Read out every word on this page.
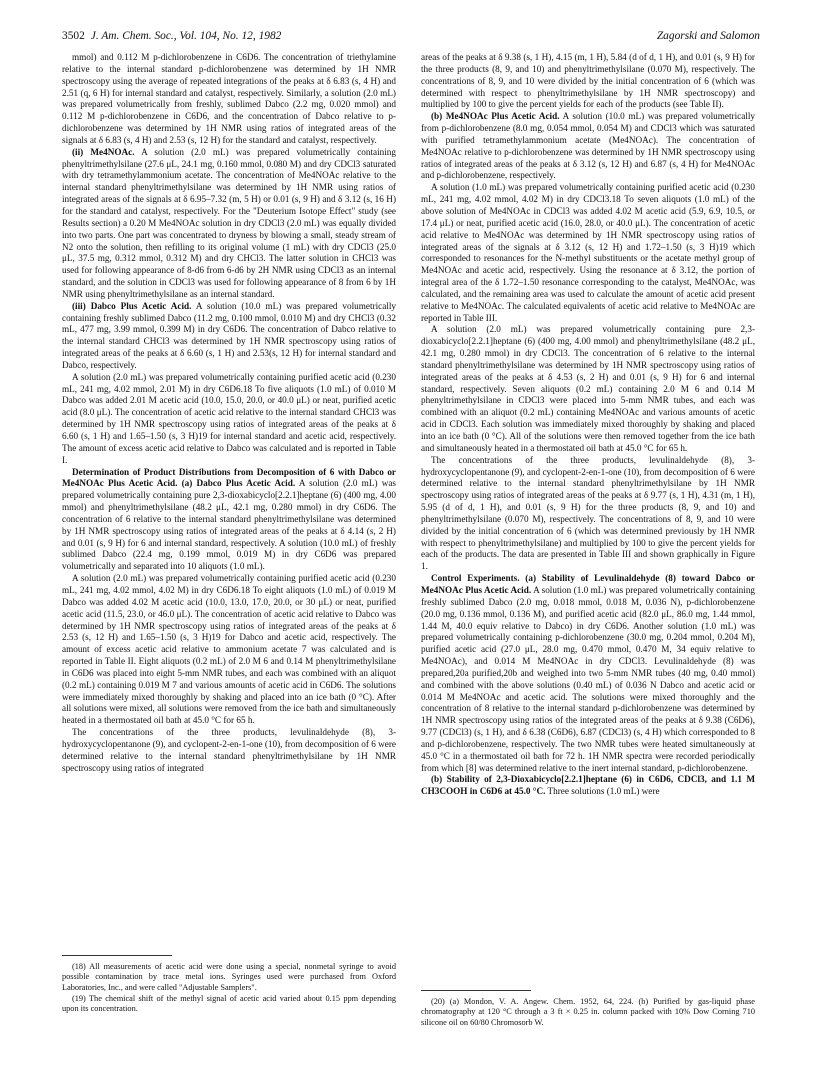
3502 J. Am. Chem. Soc., Vol. 104, No. 12, 1982	Zagorski and Salomon

mmol) and 0.112 M p-dichlorobenzene in C6D6. The concentration of triethylamine relative to the internal standard p-dichlorobenzene was determined by 1H NMR spectroscopy using the average of repeated integrations of the peaks at δ 6.83 (s, 4 H) and 2.51 (q, 6 H) for internal standard and catalyst, respectively. Similarly, a solution (2.0 mL) was prepared volumetrically from freshly, sublimed Dabco (2.2 mg, 0.020 mmol) and 0.112 M p-dichlorobenzene in C6D6, and the concentration of Dabco relative to p-dichlorobenzene was determined by 1H NMR using ratios of integrated areas of the signals at δ 6.83 (s, 4 H) and 2.53 (s, 12 H) for the standard and catalyst, respectively.

(ii) Me4NOAc. A solution (2.0 mL) was prepared volumetrically containing phenyltrimethylsilane (27.6 μL, 24.1 mg, 0.160 mmol, 0.080 M) and dry CDCl3 saturated with dry tetramethylammonium acetate. The concentration of Me4NOAc relative to the internal standard phenyltrimethylsilane was determined by 1H NMR using ratios of integrated areas of the signals at δ 6.95–7.32 (m, 5 H) or 0.01 (s, 9 H) and δ 3.12 (s, 16 H) for the standard and catalyst, respectively. For the "Deuterium Isotope Effect" study (see Results section) a 0.20 M Me4NOAc solution in dry CDCl3 (2.0 mL) was equally divided into two parts. One part was concentrated to dryness by blowing a small, steady stream of N2 onto the solution, then refilling to its original volume (1 mL) with dry CDCl3 (25.0 μL, 37.5 mg, 0.312 mmol, 0.312 M) and dry CHCl3. The latter solution in CHCl3 was used for following appearance of 8-d6 from 6-d6 by 2H NMR using CDCl3 as an internal standard, and the solution in CDCl3 was used for following appearance of 8 from 6 by 1H NMR using phenyltrimethylsilane as an internal standard.

(iii) Dabco Plus Acetic Acid. A solution (10.0 mL) was prepared volumetrically containing freshly sublimed Dabco (11.2 mg, 0.100 mmol, 0.010 M) and dry CHCl3 (0.32 mL, 477 mg, 3.99 mmol, 0.399 M) in dry C6D6. The concentration of Dabco relative to the internal standard CHCl3 was determined by 1H NMR spectroscopy using ratios of integrated areas of the peaks at δ 6.60 (s, 1 H) and 2.53(s, 12 H) for internal standard and Dabco, respectively.

A solution (2.0 mL) was prepared volumetrically containing purified acetic acid (0.230 mL, 241 mg, 4.02 mmol, 2.01 M) in dry C6D6.18 To five aliquots (1.0 mL) of 0.010 M Dabco was added 2.01 M acetic acid (10.0, 15.0, 20.0, or 40.0 μL) or neat, purified acetic acid (8.0 μL). The concentration of acetic acid relative to the internal standard CHCl3 was determined by 1H NMR spectroscopy using ratios of integrated areas of the peaks at δ 6.60 (s, 1 H) and 1.65–1.50 (s, 3 H)19 for internal standard and acetic acid, respectively. The amount of excess acetic acid relative to Dabco was calculated and is reported in Table I.

Determination of Product Distributions from Decomposition of 6 with Dabco or Me4NOAc Plus Acetic Acid. (a) Dabco Plus Acetic Acid. A solution (2.0 mL) was prepared volumetrically containing pure 2,3-dioxabicyclo[2.2.1]heptane (6) (400 mg, 4.00 mmol) and phenyltrimethylsilane (48.2 μL, 42.1 mg, 0.280 mmol) in dry C6D6. The concentration of 6 relative to the internal standard phenyltrimethylsilane was determined by 1H NMR spectroscopy using ratios of integrated areas of the peaks at δ 4.14 (s, 2 H) and 0.01 (s, 9 H) for 6 and internal standard, respectively. A solution (10.0 mL) of freshly sublimed Dabco (22.4 mg, 0.199 mmol, 0.019 M) in dry C6D6 was prepared volumetrically and separated into 10 aliquots (1.0 mL).

A solution (2.0 mL) was prepared volumetrically containing purified acetic acid (0.230 mL, 241 mg, 4.02 mmol, 4.02 M) in dry C6D6.18 To eight aliquots (1.0 mL) of 0.019 M Dabco was added 4.02 M acetic acid (10.0, 13.0, 17.0, 20.0, or 30 μL) or neat, purified acetic acid (11.5, 23.0, or 46.0 μL). The concentration of acetic acid relative to Dabco was determined by 1H NMR spectroscopy using ratios of integrated areas of the peaks at δ 2.53 (s, 12 H) and 1.65–1.50 (s, 3 H)19 for Dabco and acetic acid, respectively. The amount of excess acetic acid relative to ammonium acetate 7 was calculated and is reported in Table II. Eight aliquots (0.2 mL) of 2.0 M 6 and 0.14 M phenyltrimethylsilane in C6D6 was placed into eight 5-mm NMR tubes, and each was combined with an aliquot (0.2 mL) containing 0.019 M 7 and various amounts of acetic acid in C6D6. The solutions were immediately mixed thoroughly by shaking and placed into an ice bath (0 °C). After all solutions were mixed, all solutions were removed from the ice bath and simultaneously heated in a thermostated oil bath at 45.0 °C for 65 h.

The concentrations of the three products, levulinaldehyde (8), 3-hydroxycyclopentanone (9), and cyclopent-2-en-1-one (10), from decomposition of 6 were determined relative to the internal standard phenyltrimethylsilane by 1H NMR spectroscopy using ratios of integrated

areas of the peaks at δ 9.38 (s, 1 H), 4.15 (m, 1 H), 5.84 (d of d, 1 H), and 0.01 (s, 9 H) for the three products (8, 9, and 10) and phenyltrimethylsilane (0.070 M), respectively. The concentrations of 8, 9, and 10 were divided by the initial concentration of 6 (which was determined with respect to phenyltrimethylsilane by 1H NMR spectroscopy) and multiplied by 100 to give the percent yields for each of the products (see Table II).

(b) Me4NOAc Plus Acetic Acid. A solution (10.0 mL) was prepared volumetrically from p-dichlorobenzene (8.0 mg, 0.054 mmol, 0.054 M) and CDCl3 which was saturated with purified tetramethylammonium acetate (Me4NOAc). The concentration of Me4NOAc relative to p-dichlorobenzene was determined by 1H NMR spectroscopy using ratios of integrated areas of the peaks at δ 3.12 (s, 12 H) and 6.87 (s, 4 H) for Me4NOAc and p-dichlorobenzene, respectively.

A solution (1.0 mL) was prepared volumetrically containing purified acetic acid (0.230 mL, 241 mg, 4.02 mmol, 4.02 M) in dry CDCl3.18 To seven aliquots (1.0 mL) of the above solution of Me4NOAc in CDCl3 was added 4.02 M acetic acid (5.9, 6.9, 10.5, or 17.4 μL) or neat, purified acetic acid (16.0, 28.0, or 40.0 μL). The concentration of acetic acid relative to Me4NOAc was determined by 1H NMR spectroscopy using ratios of integrated areas of the signals at δ 3.12 (s, 12 H) and 1.72–1.50 (s, 3 H)19 which corresponded to resonances for the N-methyl substituents or the acetate methyl group of Me4NOAc and acetic acid, respectively. Using the resonance at δ 3.12, the portion of integral area of the δ 1.72–1.50 resonance corresponding to the catalyst, Me4NOAc, was calculated, and the remaining area was used to calculate the amount of acetic acid present relative to Me4NOAc. The calculated equivalents of acetic acid relative to Me4NOAc are reported in Table III.

A solution (2.0 mL) was prepared volumetrically containing pure 2,3-dioxabicyclo[2.2.1]heptane (6) (400 mg, 4.00 mmol) and phenyltrimethylsilane (48.2 μL, 42.1 mg, 0.280 mmol) in dry CDCl3. The concentration of 6 relative to the internal standard phenyltrimethylsilane was determined by 1H NMR spectroscopy using ratios of integrated areas of the peaks at δ 4.53 (s, 2 H) and 0.01 (s, 9 H) for 6 and internal standard, respectively. Seven aliquots (0.2 mL) containing 2.0 M 6 and 0.14 M phenyltrimethylsilane in CDCl3 were placed into 5-mm NMR tubes, and each was combined with an aliquot (0.2 mL) containing Me4NOAc and various amounts of acetic acid in CDCl3. Each solution was immediately mixed thoroughly by shaking and placed into an ice bath (0 °C). All of the solutions were then removed together from the ice bath and simultaneously heated in a thermostated oil bath at 45.0 °C for 65 h.

The concentrations of the three products, levulinaldehyde (8), 3-hydroxycyclopentanone (9), and cyclopent-2-en-1-one (10), from decomposition of 6 were determined relative to the internal standard phenyltrimethylsilane by 1H NMR spectroscopy using ratios of integrated areas of the peaks at δ 9.77 (s, 1 H), 4.31 (m, 1 H), 5.95 (d of d, 1 H), and 0.01 (s, 9 H) for the three products (8, 9, and 10) and phenyltrimethylsilane (0.070 M), respectively. The concentrations of 8, 9, and 10 were divided by the initial concentration of 6 (which was determined previously by 1H NMR with respect to phenyltrimethylsilane) and multiplied by 100 to give the percent yields for each of the products. The data are presented in Table III and shown graphically in Figure 1.

Control Experiments. (a) Stability of Levulinaldehyde (8) toward Dabco or Me4NOAc Plus Acetic Acid. A solution (1.0 mL) was prepared volumetrically containing freshly sublimed Dabco (2.0 mg, 0.018 mmol, 0.018 M, 0.036 N), p-dichlorobenzene (20.0 mg, 0.136 mmol, 0.136 M), and purified acetic acid (82.0 μL, 86.0 mg, 1.44 mmol, 1.44 M, 40.0 equiv relative to Dabco) in dry C6D6. Another solution (1.0 mL) was prepared volumetrically containing p-dichlorobenzene (30.0 mg, 0.204 mmol, 0.204 M), purified acetic acid (27.0 μL, 28.0 mg, 0.470 mmol, 0.470 M, 34 equiv relative to Me4NOAc), and 0.014 M Me4NOAc in dry CDCl3. Levulinaldehyde (8) was prepared,20a purified,20b and weighed into two 5-mm NMR tubes (40 mg, 0.40 mmol) and combined with the above solutions (0.40 mL) of 0.036 N Dabco and acetic acid or 0.014 M Me4NOAc and acetic acid. The solutions were mixed thoroughly and the concentration of 8 relative to the internal standard p-dichlorobenzene was determined by 1H NMR spectroscopy using ratios of the integrated areas of the peaks at δ 9.38 (C6D6), 9.77 (CDCl3) (s, 1 H), and δ 6.38 (C6D6), 6.87 (CDCl3) (s, 4 H) which corresponded to 8 and p-dichlorobenzene, respectively. The two NMR tubes were heated simultaneously at 45.0 °C in a thermostated oil bath for 72 h. 1H NMR spectra were recorded periodically from which [8] was determined relative to the inert internal standard, p-dichlorobenzene.

(b) Stability of 2,3-Dioxabicyclo[2.2.1]heptane (6) in C6D6, CDCl3, and 1.1 M CH3COOH in C6D6 at 45.0 °C. Three solutions (1.0 mL) were

(18) All measurements of acetic acid were done using a special, nonmetal syringe to avoid possible contamination by trace metal ions. Syringes used were purchased from Oxford Laboratories, Inc., and were called "Adjustable Samplers".

(19) The chemical shift of the methyl signal of acetic acid varied about 0.15 ppm depending upon its concentration.

(20) (a) Mondon, V. A. Angew. Chem. 1952, 64, 224. (b) Purified by gas-liquid phase chromatography at 120 °C through a 3 ft × 0.25 in. column packed with 10% Dow Corning 710 silicone oil on 60/80 Chromosorb W.
